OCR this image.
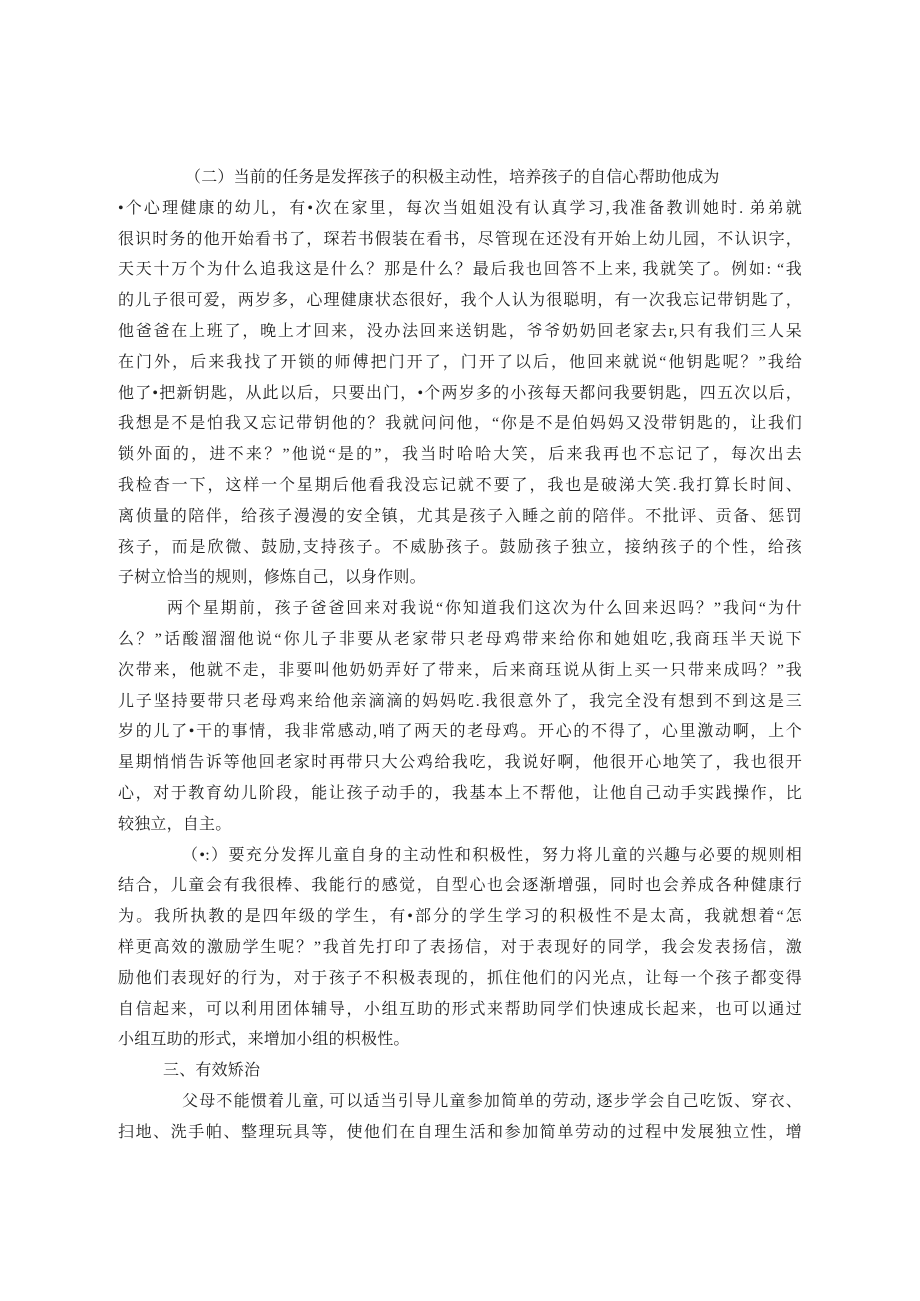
（二）当前的任务是发挥孩子的积极主动性，培养孩子的自信心帮助他成为
•个心理健康的幼儿，有•次在家里，每次当姐姐没有认真学习,我准备教训她时. 弟弟就
很识时务的他开始看书了，琛若书假装在看书，尽管现在还没有开始上幼儿园，不认识字，
天天十万个为什么追我这是什么？那是什么？最后我也回答不上来, 我就笑了。例如: “我
的儿子很可爱，两岁多，心理健康状态很好，我个人认为很聪明，有一次我忘记带钥匙了，
他爸爸在上班了，晚上才回来，没办法回来送钥匙，爷爷奶奶回老家去r,只有我们三人呆
在门外，后来我找了开锁的师傅把门开了，门开了以后，他回来就说“他钥匙呢？”我给
他了•把新钥匙，从此以后，只要出门，•个两岁多的小孩每天都问我要钥匙，四五次以后，
我想是不是怕我又忘记带钥他的？我就问问他，“你是不是伯妈妈又没带钥匙的，让我们
锁外面的，进不来？”他说“是的”，我当时哈哈大笑，后来我再也不忘记了，每次出去
我检杳一下，这样一个星期后他看我没忘记就不要了，我也是破涕大笑.我打算长时间、
离侦量的陪伴，给孩子漫漫的安全镇，尤其是孩子入睡之前的陪伴。不批评、贡备、惩罚
孩子，而是欣微、鼓励,支持孩子。不威胁孩子。鼓励孩子独立，接纳孩子的个性，给孩
子树立恰当的规则，修炼自己，以身作则。
两个星期前，孩子爸爸回来对我说“你知道我们这次为什么回来迟吗？”我问“为什
么？”话酸溜溜他说“你儿子非要从老家带只老母鸡带来给你和她姐吃,我商珏半天说下
次带来，他就不走，非要叫他奶奶弄好了带来，后来商珏说从街上买一只带来成吗？”我
儿子坚持要带只老母鸡来给他亲滴滴的妈妈吃.我很意外了，我完全没有想到不到这是三
岁的儿了•干的事情，我非常感动,哨了两天的老母鸡。开心的不得了，心里激动啊，上个
星期悄悄告诉等他回老家时再带只大公鸡给我吃，我说好啊，他很开心地笑了，我也很开
心，对于教育幼儿阶段，能让孩子动手的，我基本上不帮他，让他自己动手实践操作，比
较独立，自主。
（•:）要充分发挥儿童自身的主动性和积极性，努力将儿童的兴趣与必要的规则相
结合，儿童会有我很棒、我能行的感觉，自型心也会逐渐增强，同时也会养成各种健康行
为。我所执教的是四年级的学生，有•部分的学生学习的积极性不是太高，我就想着“怎
样更高效的激励学生呢？”我首先打印了表扬信，对于表现好的同学，我会发表扬信，激
励他们表现好的行为，对于孩子不积极表现的，抓住他们的闪光点，让每一个孩子都变得
自信起来，可以利用团体辅导，小组互助的形式来帮助同学们快速成长起来，也可以通过
小组互助的形式，来增加小组的枳极性。
三、有效矫治
父母不能惯着儿童, 可以适当引导儿童参加简单的劳动, 逐步学会自己吃饭、穿衣、
扫地、洗手帕、整理玩具等，使他们在自理生活和参加简单劳动的过程中发展独立性，增
